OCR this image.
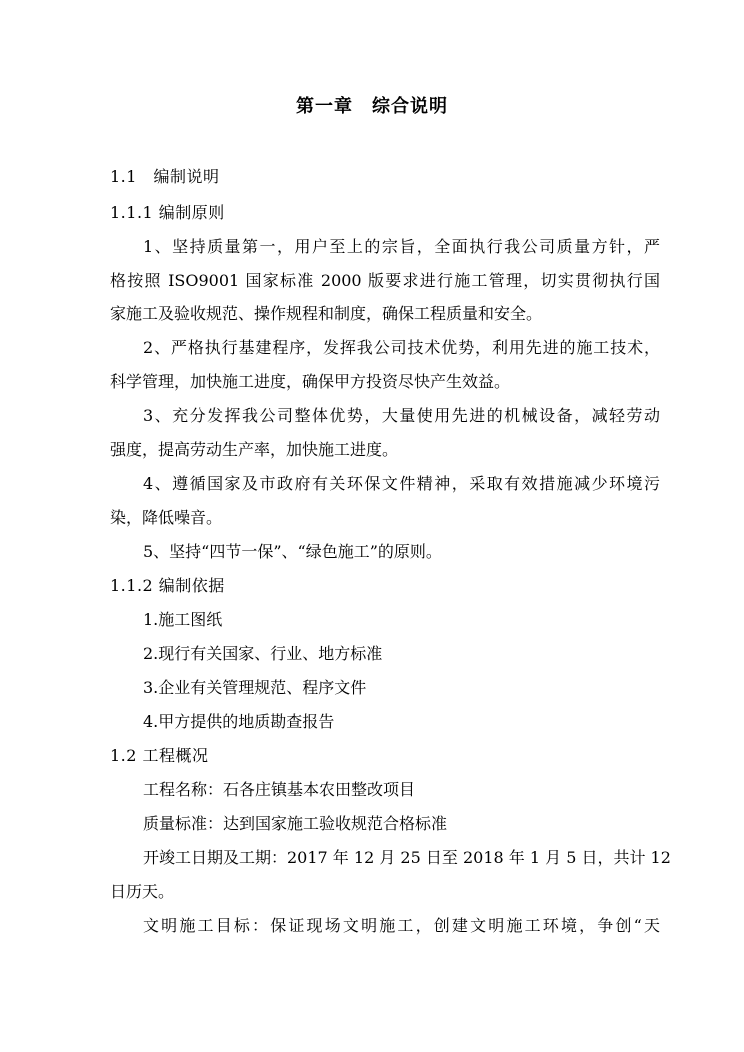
第一章　综合说明
1.1　编制说明
1.1.1 编制原则
1、坚持质量第一，用户至上的宗旨，全面执行我公司质量方针，严
格按照 ISO9001 国家标准 2000 版要求进行施工管理，切实贯彻执行国
家施工及验收规范、操作规程和制度，确保工程质量和安全。
2、严格执行基建程序，发挥我公司技术优势，利用先进的施工技术，
科学管理，加快施工进度，确保甲方投资尽快产生效益。
3、充分发挥我公司整体优势，大量使用先进的机械设备，减轻劳动
强度，提高劳动生产率，加快施工进度。
4、遵循国家及市政府有关环保文件精神，采取有效措施减少环境污
染，降低噪音。
5、坚持“四节一保”、“绿色施工”的原则。
1.1.2 编制依据
1.施工图纸
2.现行有关国家、行业、地方标准
3.企业有关管理规范、程序文件
4.甲方提供的地质勘查报告
1.2 工程概况
工程名称：石各庄镇基本农田整改项目
质量标准：达到国家施工验收规范合格标准
开竣工日期及工期：2017 年 12 月 25 日至 2018 年 1 月 5 日，共计 12
日历天。
文明施工目标：保证现场文明施工，创建文明施工环境，争创“天
